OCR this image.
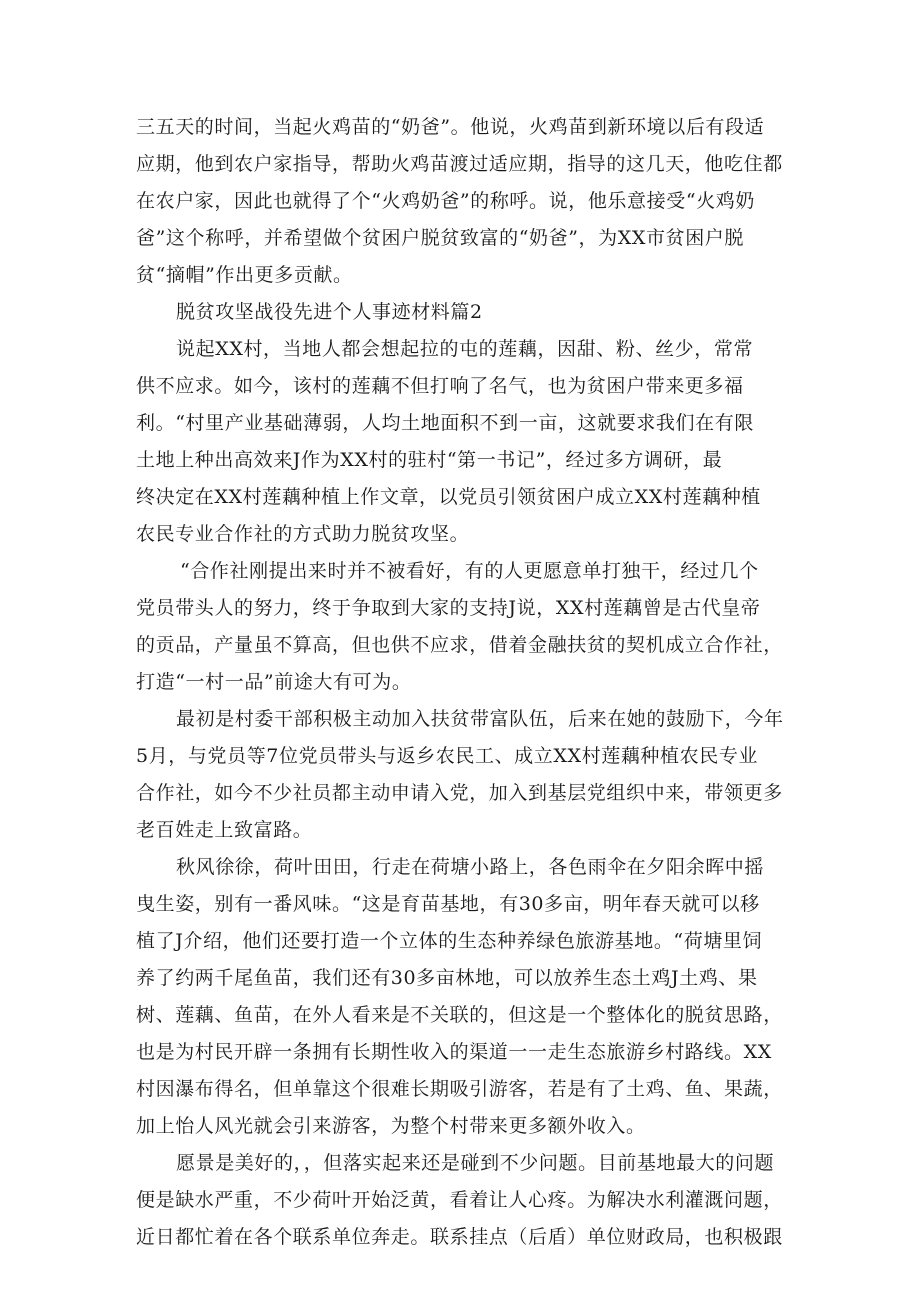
三五天的时间，当起火鸡苗的“奶爸”。他说，火鸡苗到新环境以后有段适
应期，他到农户家指导，帮助火鸡苗渡过适应期，指导的这几天，他吃住都
在农户家，因此也就得了个“火鸡奶爸”的称呼。说，他乐意接受“火鸡奶
爸”这个称呼，并希望做个贫困户脱贫致富的“奶爸”，为XX市贫困户脱
贫“摘帽”作出更多贡献。
脱贫攻坚战役先进个人事迹材料篇2
说起XX村，当地人都会想起拉的屯的莲藕，因甜、粉、丝少，常常
供不应求。如今，该村的莲藕不但打响了名气，也为贫困户带来更多福
利。“村里产业基础薄弱，人均土地面积不到一亩，这就要求我们在有限
土地上种出高效来J作为XX村的驻村“第一书记”，经过多方调研，最
终决定在XX村莲藕种植上作文章，以党员引领贫困户成立XX村莲藕种植
农民专业合作社的方式助力脱贫攻坚。
“合作社刚提出来时并不被看好，有的人更愿意单打独干，经过几个
党员带头人的努力，终于争取到大家的支持J说，XX村莲藕曾是古代皇帝
的贡品，产量虽不算高，但也供不应求，借着金融扶贫的契机成立合作社，
打造“一村一品”前途大有可为。
最初是村委干部积极主动加入扶贫带富队伍，后来在她的鼓励下，今年
5月，与党员等7位党员带头与返乡农民工、成立XX村莲藕种植农民专业
合作社，如今不少社员都主动申请入党，加入到基层党组织中来，带领更多
老百姓走上致富路。
秋风徐徐，荷叶田田，行走在荷塘小路上，各色雨伞在夕阳余晖中摇
曳生姿，别有一番风味。“这是育苗基地，有30多亩，明年春天就可以移
植了J介绍，他们还要打造一个立体的生态种养绿色旅游基地。“荷塘里饲
养了约两千尾鱼苗，我们还有30多亩林地，可以放养生态土鸡J土鸡、果
树、莲藕、鱼苗，在外人看来是不关联的，但这是一个整体化的脱贫思路，
也是为村民开辟一条拥有长期性收入的渠道一一走生态旅游乡村路线。XX
村因瀑布得名，但单靠这个很难长期吸引游客，若是有了土鸡、鱼、果蔬，
加上怡人风光就会引来游客，为整个村带来更多额外收入。
愿景是美好的，，但落实起来还是碰到不少问题。目前基地最大的问题
便是缺水严重，不少荷叶开始泛黄，看着让人心疼。为解决水利灌溉问题，
近日都忙着在各个联系单位奔走。联系挂点（后盾）单位财政局，也积极跟
